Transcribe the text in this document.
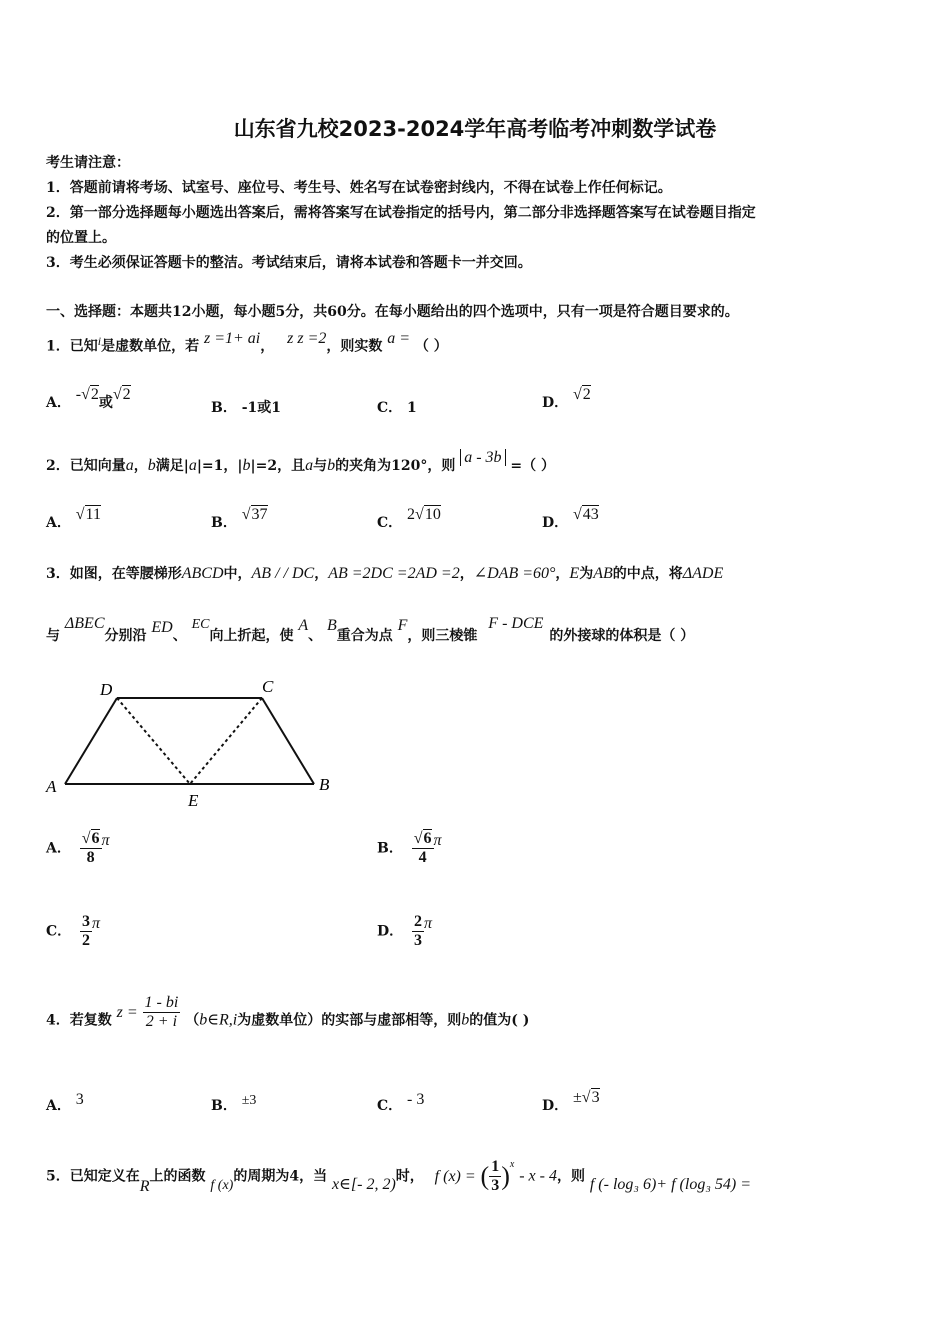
山东省九校2023-2024学年高考临考冲刺数学试卷
考生请注意：
1．答题前请将考场、试室号、座位号、考生号、姓名写在试卷密封线内，不得在试卷上作任何标记。
2．第一部分选择题每小题选出答案后，需将答案写在试卷指定的括号内，第二部分非选择题答案写在试卷题目指定
的位置上。
3．考生必须保证答题卡的整洁。考试结束后，请将本试卷和答题卡一并交回。
一、选择题：本题共12小题，每小题5分，共60分。在每小题给出的四个选项中，只有一项是符合题目要求的。
1．已知$^i$是虚数单位，若 z =1+ ai， z z =2，则实数 a = （ ）
A． -√2或√2
B． -1或1	C． 1	D． √2
2．已知向量a，b满足|a|=1，|b|=2，且a与b的夹角为120°，则 a - 3b =（ ）
A． √11	B． √37	C． 2√10	D． √43
3．如图，在等腰梯形ABCD中，AB / / DC，AB =2DC =2AD =2，∠DAB =60°，E为AB的中点，将ΔADE
与 ΔBEC分别沿 ED、 EC向上折起，使 A、 B重合为点 F，则三棱锥 F - DCE的外接球的体积是（ ）
D	C
A
E
B
A． $\frac{√6}{8}$ π	B． $\frac{√6}{4}$ π
C． $\frac{3}{2}$ π	D． $\frac{2}{3}$ π
4．若复数 $z = \frac{1 - bi}{2 + i}$ （b∈R,i为虚数单位）的实部与虚部相等，则b的值为( )
A． 3	B． ±3	C． - 3	D． ±√3
5．已知定义在R上的函数 f (x)的周期为4，当 x∈[- 2, 2)时， f (x) = ( $\frac{1}{3} )^x$ - x - 4，则 f (- log₃ 6)+ f (log₃ 54) =
